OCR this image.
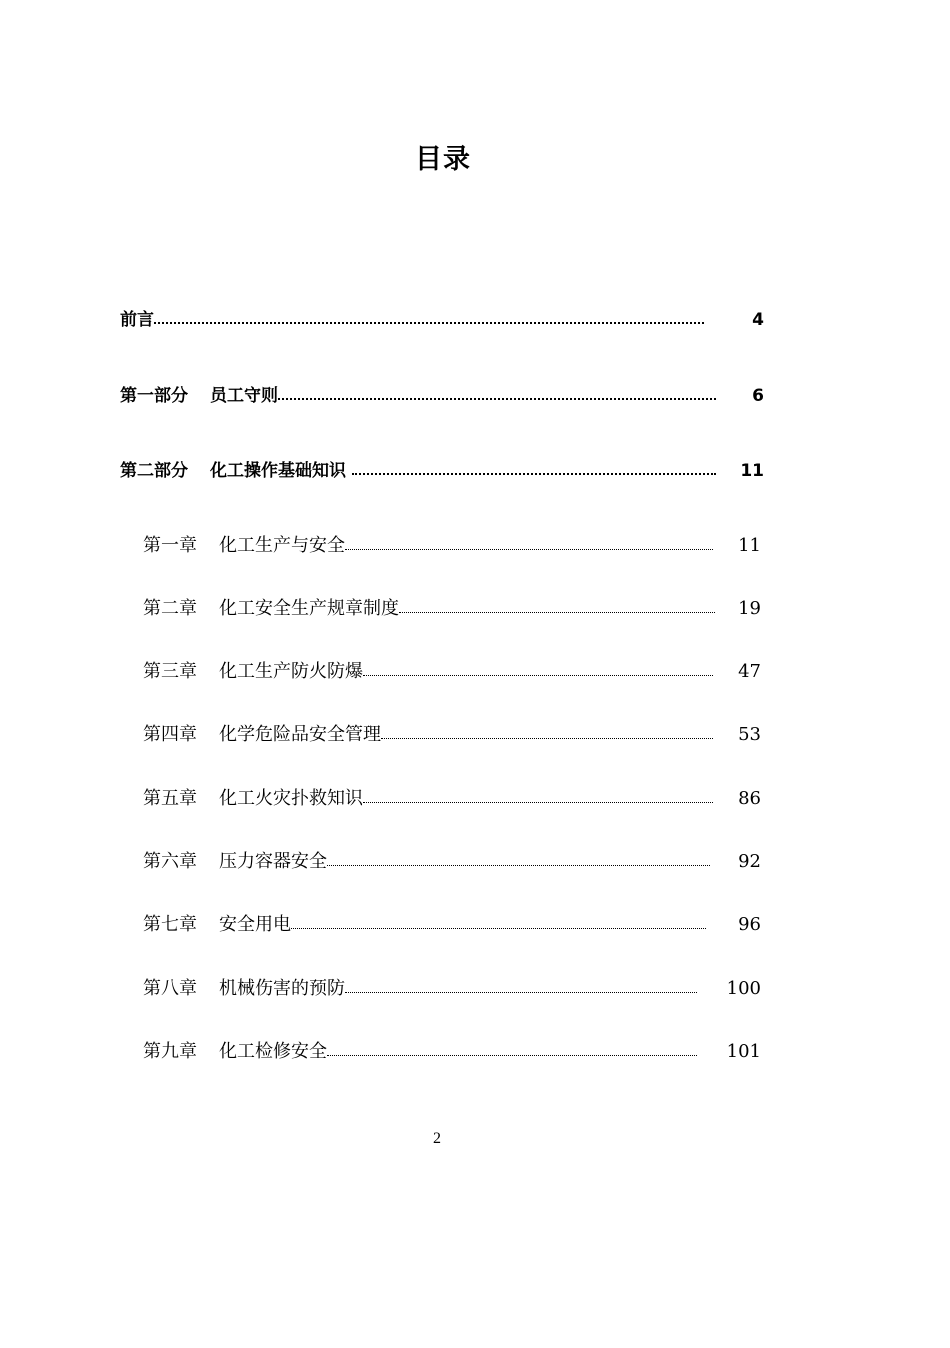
目录
前言	4
第一部分 员工守则	6
第二部分 化工操作基础知识	11
第一章 化工生产与安全	11
第二章 化工安全生产规章制度	19
第三章 化工生产防火防爆	47
第四章 化学危险品安全管理	53
第五章 化工火灾扑救知识	86
第六章 压力容器安全	92
第七章 安全用电	96
第八章 机械伤害的预防	100
第九章 化工检修安全	101
2
